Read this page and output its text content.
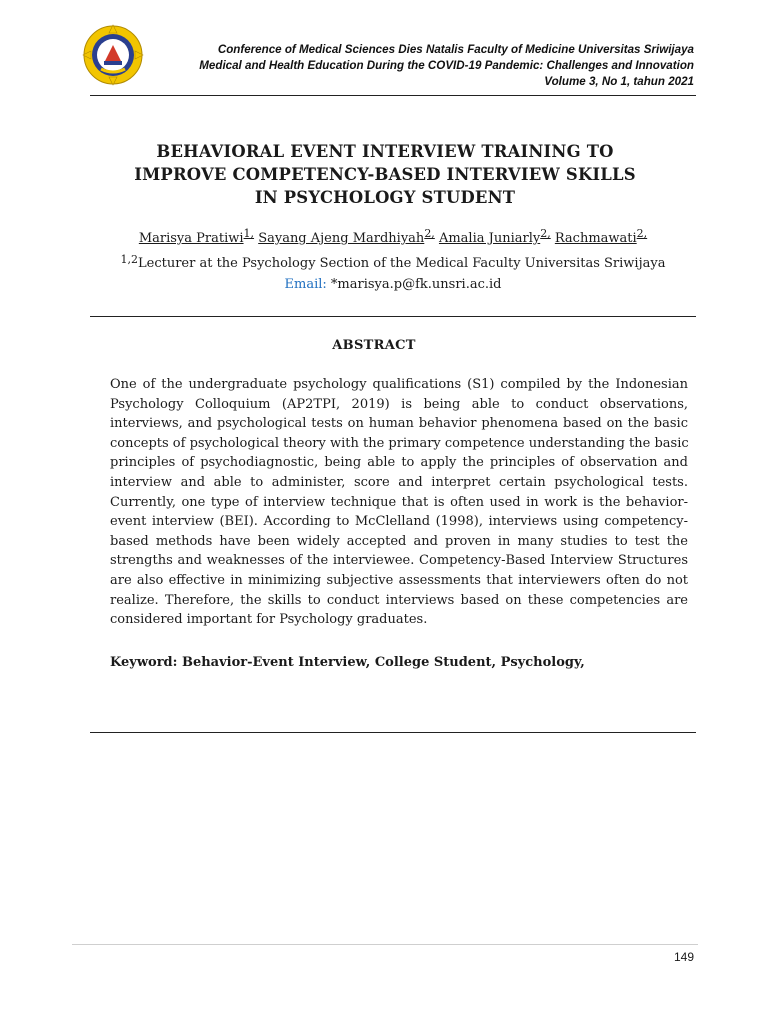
Conference of Medical Sciences Dies Natalis Faculty of Medicine Universitas Sriwijaya
Medical and Health Education During the COVID-19 Pandemic: Challenges and Innovation
Volume 3, No 1, tahun 2021
BEHAVIORAL EVENT INTERVIEW TRAINING TO
IMPROVE COMPETENCY-BASED INTERVIEW SKILLS
IN PSYCHOLOGY STUDENT
Marisya Pratiwi$^{1,}$ Sayang Ajeng Mardhiyah$^{2,}$ Amalia Juniarly$^{2,}$ Rachmawati$^{2,}$
$^{1,2}$Lecturer at the Psychology Section of the Medical Faculty Universitas Sriwijaya
Email: *marisya.p@fk.unsri.ac.id
ABSTRACT
One of the undergraduate psychology qualifications (S1) compiled by the Indonesian
Psychology Colloquium (AP2TPI, 2019) is being able to conduct observations,
interviews, and psychological tests on human behavior phenomena based on the basic
concepts of psychological theory with the primary competence understanding the basic
principles of psychodiagnostic, being able to apply the principles of observation and
interview and able to administer, score and interpret certain psychological tests.
Currently, one type of interview technique that is often used in work is the behavior-
event interview (BEI). According to McClelland (1998), interviews using competency-
based methods have been widely accepted and proven in many studies to test the
strengths and weaknesses of the interviewee. Competency-Based Interview Structures
are also effective in minimizing subjective assessments that interviewers often do not
realize. Therefore, the skills to conduct interviews based on these competencies are
considered important for Psychology graduates.
Keyword: Behavior-Event Interview, College Student, Psychology,
149
